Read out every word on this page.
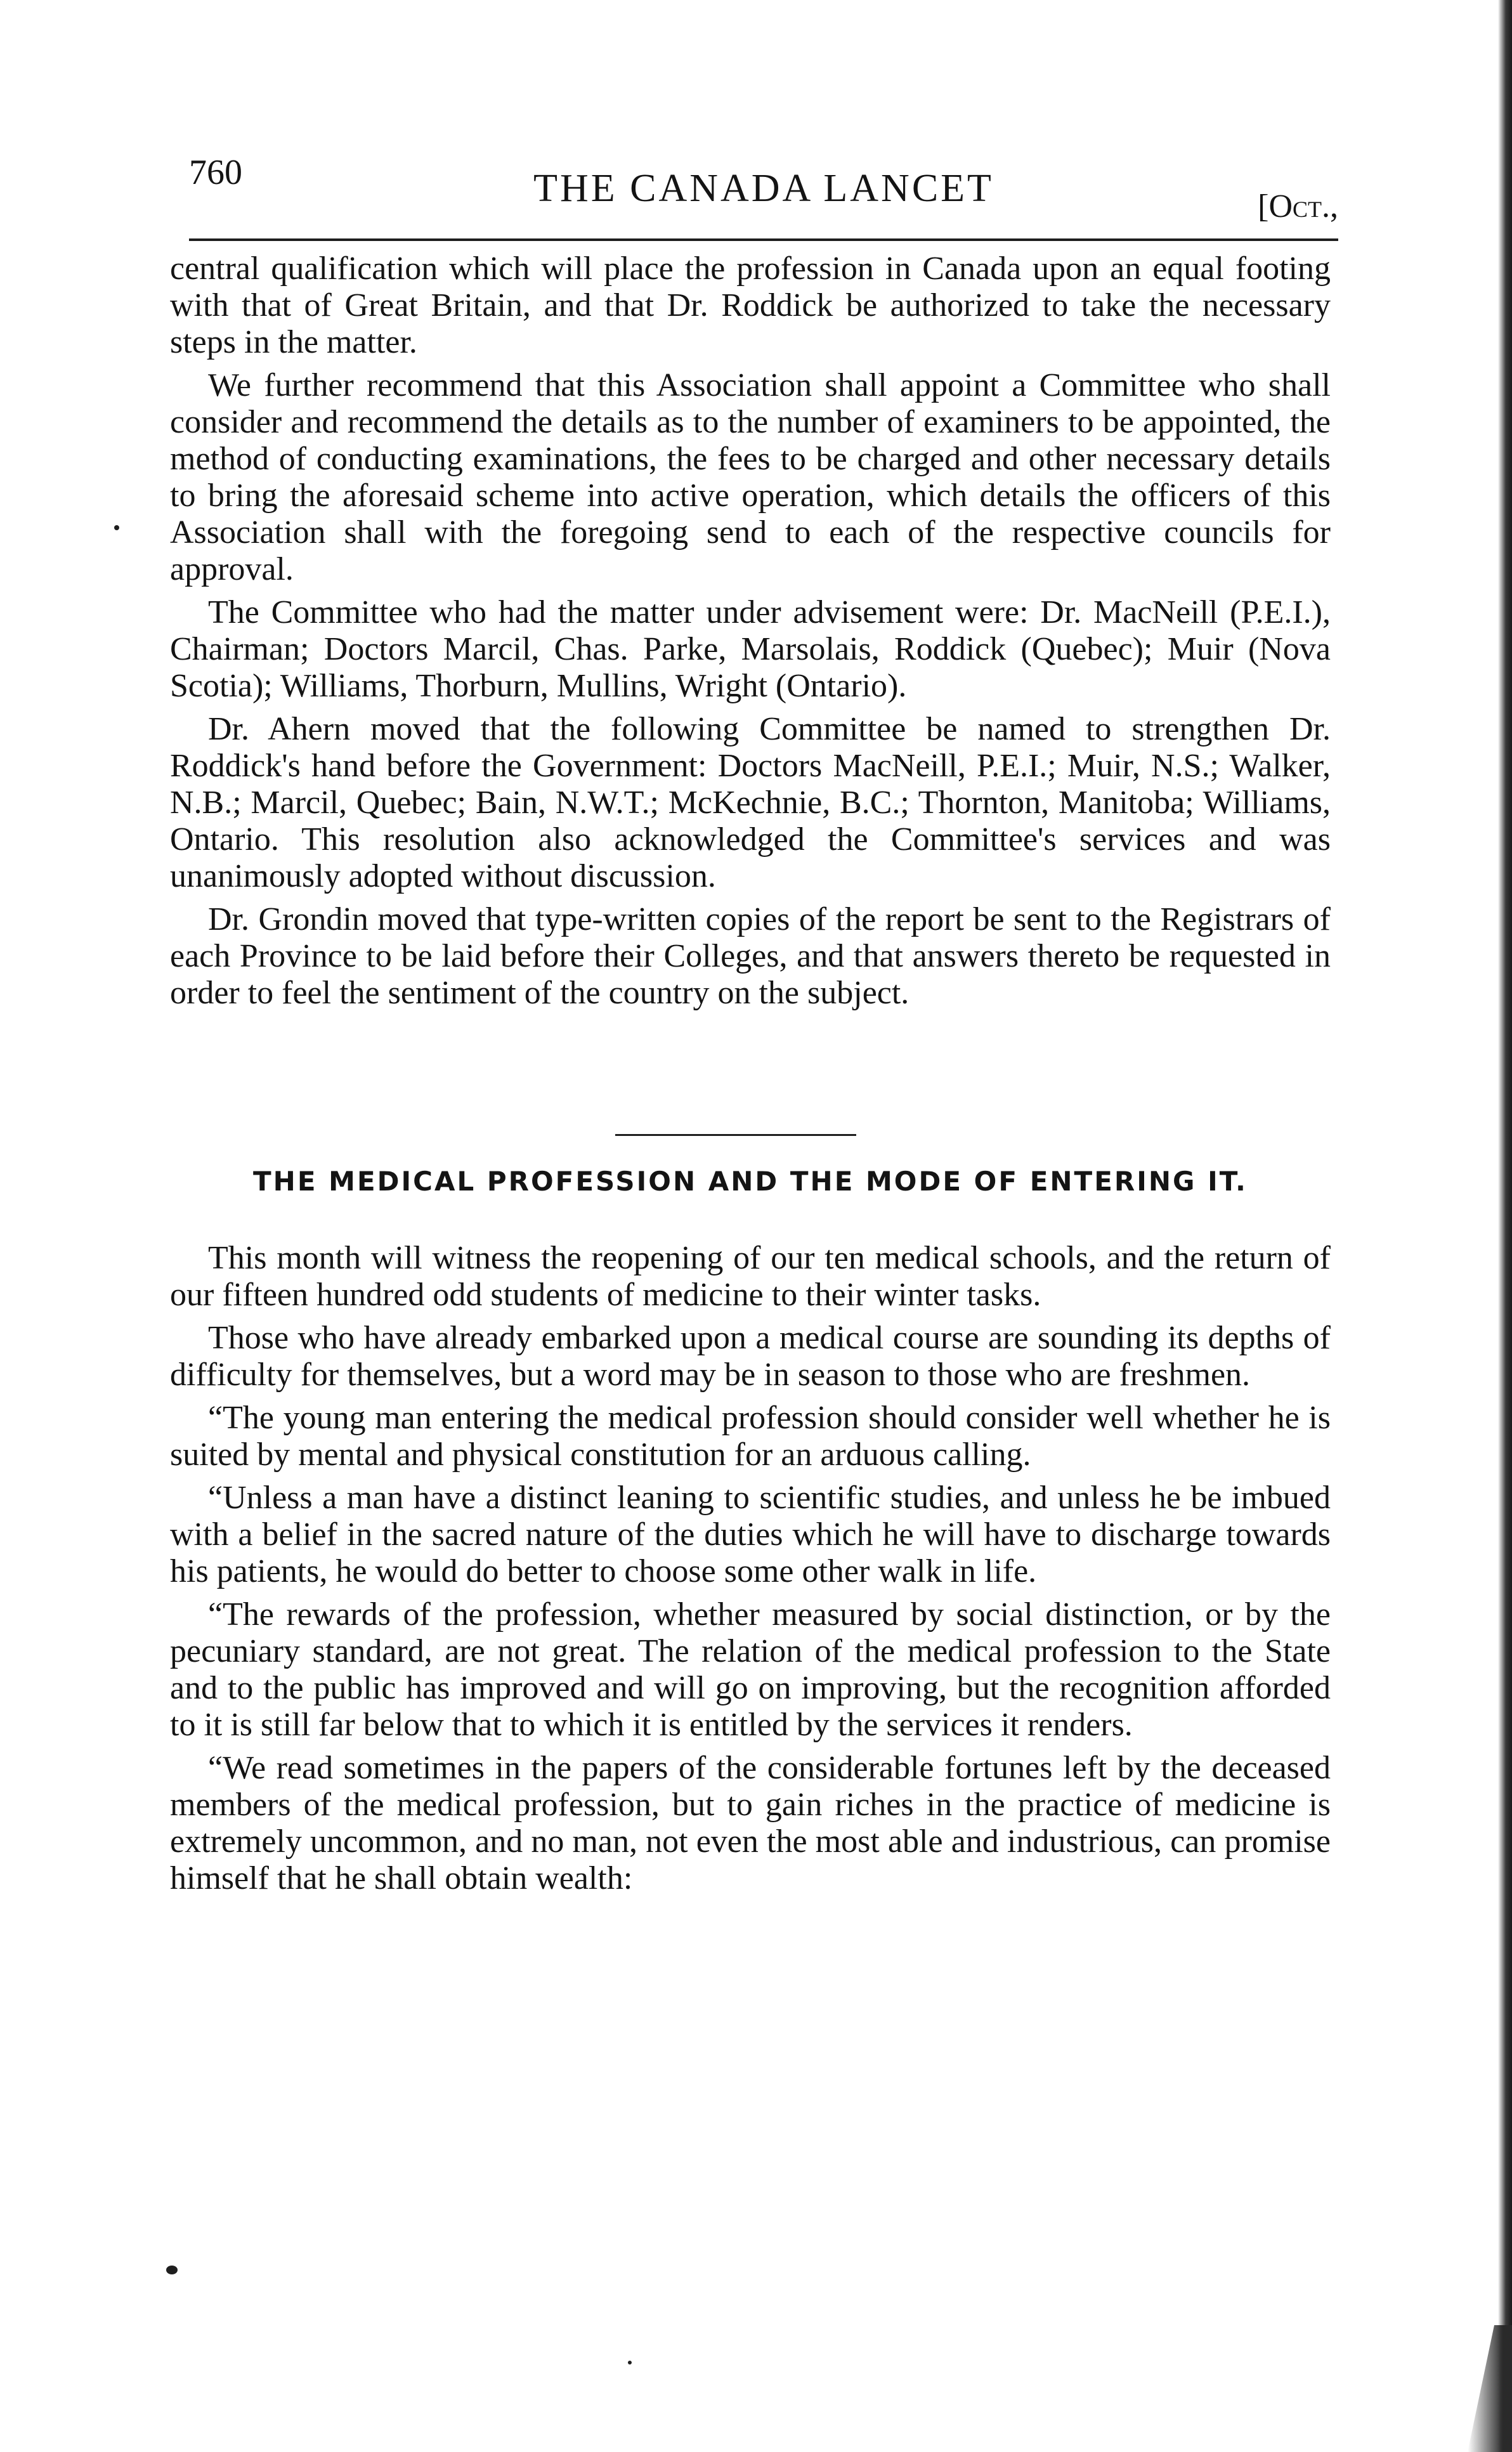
760	THE CANADA LANCET	[Oct.,

central qualification which will place the profession in Canada upon an equal footing with that of Great Britain, and that Dr. Roddick be authorized to take the necessary steps in the matter.

We further recommend that this Association shall appoint a Committee who shall consider and recommend the details as to the number of examiners to be appointed, the method of conducting examinations, the fees to be charged and other necessary details to bring the aforesaid scheme into active operation, which details the officers of this Association shall with the foregoing send to each of the respective councils for approval.

The Committee who had the matter under advisement were: Dr. MacNeill (P.E.I.), Chairman; Doctors Marcil, Chas. Parke, Marsolais, Roddick (Quebec); Muir (Nova Scotia); Williams, Thorburn, Mullins, Wright (Ontario).

Dr. Ahern moved that the following Committee be named to strengthen Dr. Roddick's hand before the Government: Doctors MacNeill, P.E.I.; Muir, N.S.; Walker, N.B.; Marcil, Quebec; Bain, N.W.T.; McKechnie, B.C.; Thornton, Manitoba; Williams, Ontario. This resolution also acknowledged the Committee's services and was unanimously adopted without discussion.

Dr. Grondin moved that type-written copies of the report be sent to the Registrars of each Province to be laid before their Colleges, and that answers thereto be requested in order to feel the sentiment of the country on the subject.

THE MEDICAL PROFESSION AND THE MODE OF ENTERING IT.

This month will witness the reopening of our ten medical schools, and the return of our fifteen hundred odd students of medicine to their winter tasks.

Those who have already embarked upon a medical course are sounding its depths of difficulty for themselves, but a word may be in season to those who are freshmen.

“The young man entering the medical profession should consider well whether he is suited by mental and physical constitution for an arduous calling.

“Unless a man have a distinct leaning to scientific studies, and unless he be imbued with a belief in the sacred nature of the duties which he will have to discharge towards his patients, he would do better to choose some other walk in life.

“The rewards of the profession, whether measured by social distinction, or by the pecuniary standard, are not great. The relation of the medical profession to the State and to the public has improved and will go on improving, but the recognition afforded to it is still far below that to which it is entitled by the services it renders.

“We read sometimes in the papers of the considerable fortunes left by the deceased members of the medical profession, but to gain riches in the practice of medicine is extremely uncommon, and no man, not even the most able and industrious, can promise himself that he shall obtain wealth:
